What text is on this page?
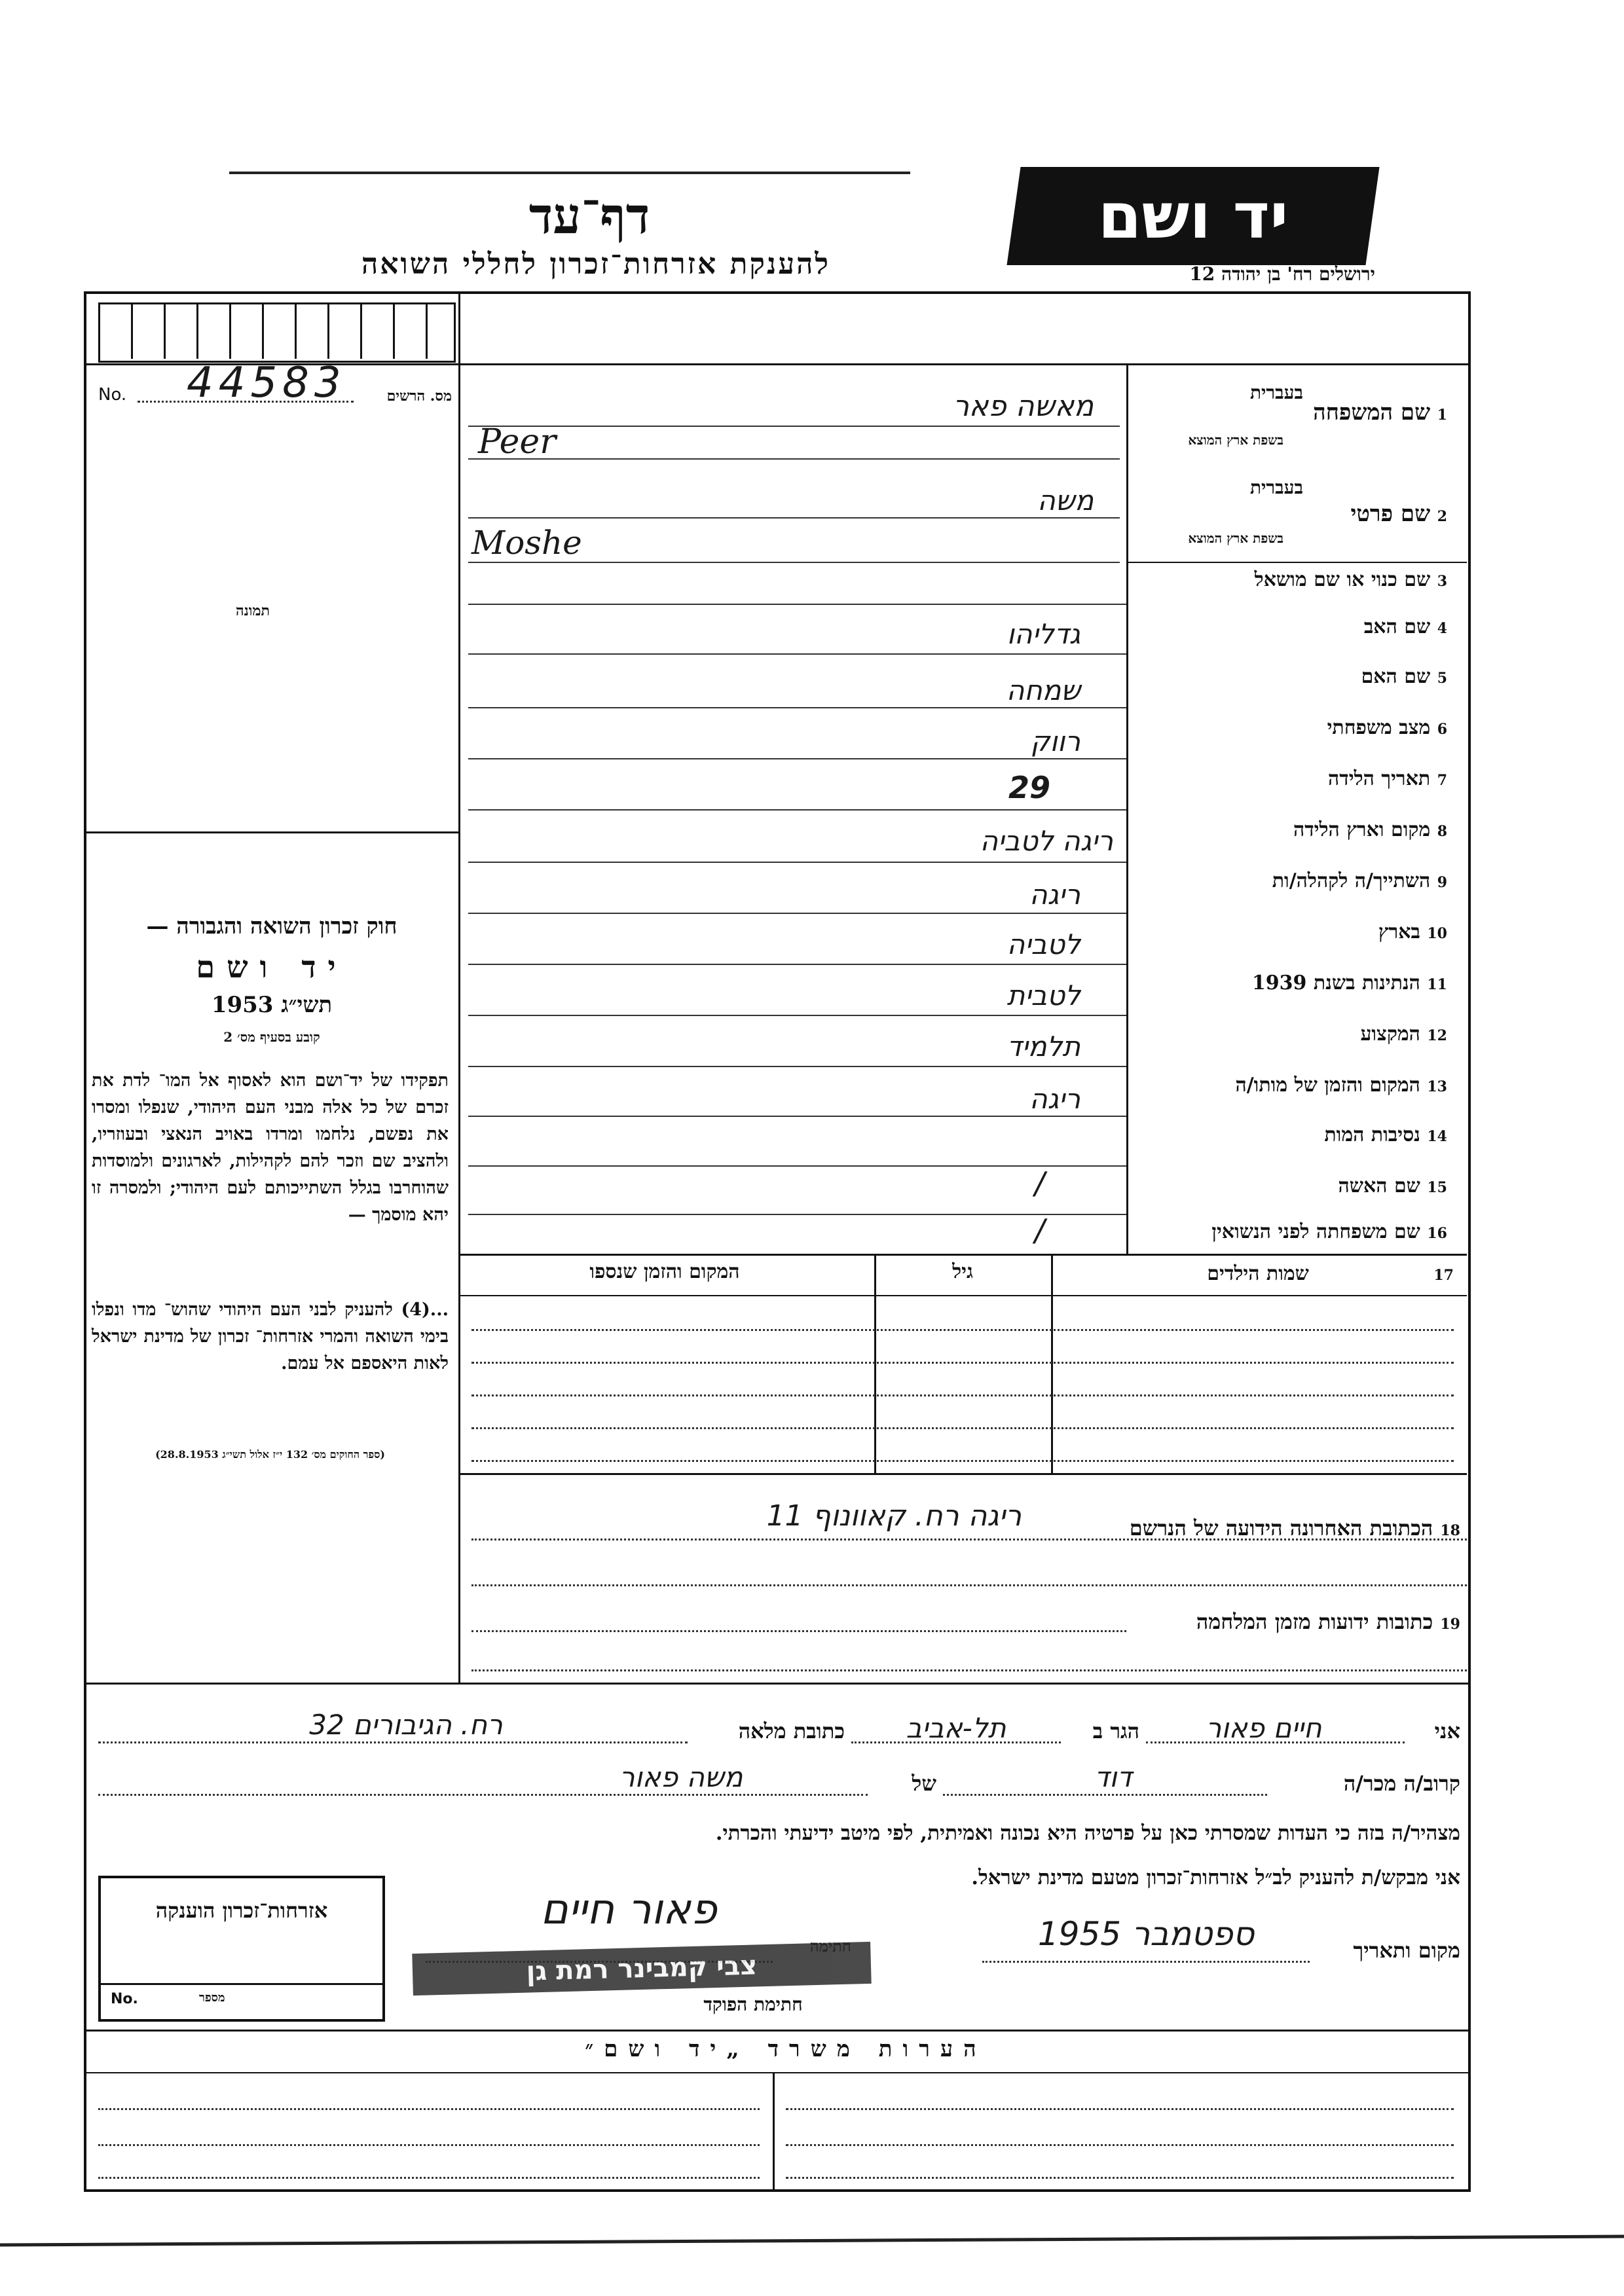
יד ושם
ירושלים רח' בן יהודה 12
דף־עד
להענקת אזרחות־זכרון לחללי השואה
No. 44583	מס. הרשים
תמונה
חוק זכרון השואה והגבורה —
יד ושם
תשי״ג 1953
קובע בסעיף מס׳ 2
תפקידו של יד־ושם הוא לאסוף אל המו־ לדת את זכרם של כל אלה מבני העם היהודי, שנפלו ומסרו את נפשם, נלחמו ומרדו באויב הנאצי ובעוזריו, ולהציב שם וזכר להם לקהילות, לארגונים ולמוסדות שהוחרבו בגלל השתייכותם לעם היהודי; ולמסרה זו יהא מוסמך —
...(4) להעניק לבני העם היהודי שהוש־ מדו ונפלו בימי השואה והמרי אזרחות־ זכרון של מדינת ישראל לאות היאספם אל עמם.
(ספר החוקים מס׳ 132 י״ז אלול תשי״ג 28.8.1953)
1 שם המשפחה
בעברית
בשפת ארץ המוצא
מאשה פאר
Peer
2 שם פרטי
בעברית
בשפת ארץ המוצא
משה
Moshe
3 שם כנוי או שם מושאל
4 שם האב
גדליהו
5 שם האם
שמחה
6 מצב משפחתי
רווק
7 תאריך הלידה
29
8 מקום וארץ הלידה
ריגה לטביה
9 השתייך/ה לקהלה/ות
ריגה
10 בארץ
לטביה
11 הנתינות בשנת 1939
לטבית
12 המקצוע
תלמיד
13 המקום והזמן של מותו/ה
ריגה
14 נסיבות המות
15 שם האשה
/
16 שם משפחתה לפני הנשואין
/
17 שמות הילדים
גיל
המקום והזמן שנספו
18 הכתובת האחרונה הידועה של הנרשם
ריגה רח. קאוונוף 11
19 כתובות ידועות מזמן המלחמה
אני
חיים פאור
הגר ב
תל-אביב
כתובת מלאה
רח. הגיבורים 32
קרוב/ה מכר/ה
דוד
של
משה פאור
מצהיר/ה בזה כי העדות שמסרתי כאן על פרטיה היא נכונה ואמיתית, לפי מיטב ידיעתי והכרתי.
אני מבקש/ת להעניק לב״ל אזרחות־זכרון מטעם מדינת ישראל.
מקום ותאריך
ספטמבר 1955
פאור חיים
צבי קמבינר רמת גן
חתימת הפוקד
אזרחות־זכרון הוענקה
No.	מספר
הערות משרד „יד ושם״
